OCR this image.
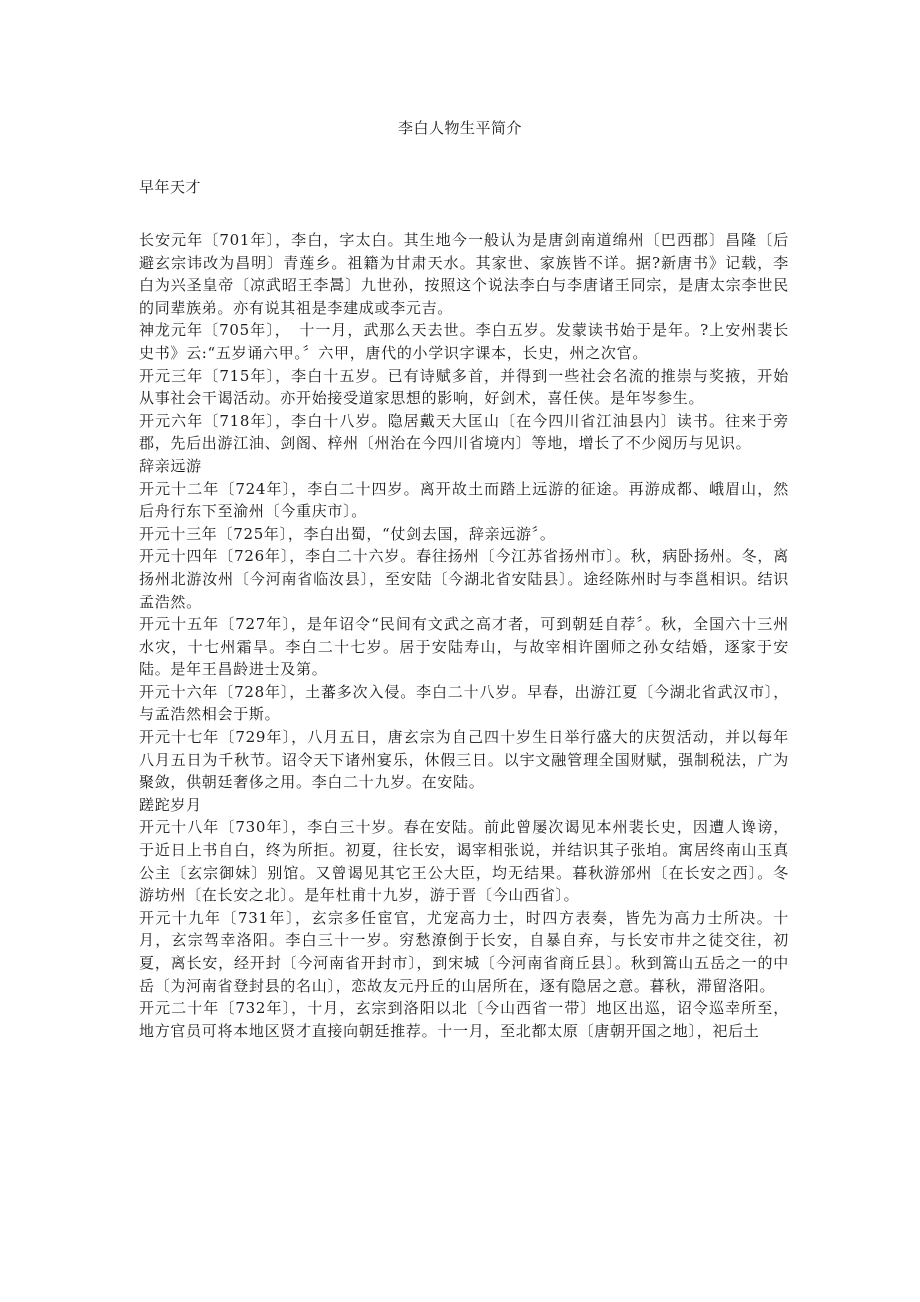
李白人物生平简介
早年天才

长安元年〔701年〕，李白，字太白。其生地今一般认为是唐剑南道绵州〔巴西郡〕昌隆〔后避玄宗讳改为昌明〕青莲乡。祖籍为甘肃天水。其家世、家族皆不详。据?新唐书》记载，李白为兴圣皇帝〔凉武昭王李暠〕九世孙，按照这个说法李白与李唐诸王同宗，是唐太宗李世民的同辈族弟。亦有说其祖是李建成或李元吉。

神龙元年〔705年〕，　十一月，武那么天去世。李白五岁。发蒙读书始于是年。?上安州裴长史书》云:“五岁诵六甲。〞六甲，唐代的小学识字课本，长史，州之次官。

开元三年〔715年〕，李白十五岁。已有诗赋多首，并得到一些社会名流的推崇与奖掖，开始从事社会干谒活动。亦开始接受道家思想的影响，好剑术，喜任侠。是年岑参生。

开元六年〔718年〕，李白十八岁。隐居戴天大匡山〔在今四川省江油县内〕读书。往来于旁郡，先后出游江油、剑阁、梓州〔州治在今四川省境内〕等地，增长了不少阅历与见识。

辞亲远游

开元十二年〔724年〕，李白二十四岁。离开故土而踏上远游的征途。再游成都、峨眉山，然后舟行东下至渝州〔今重庆市〕。

开元十三年〔725年〕，李白出蜀，“仗剑去国，辞亲远游〞。

开元十四年〔726年〕，李白二十六岁。春往扬州〔今江苏省扬州市〕。秋，病卧扬州。冬，离扬州北游汝州〔今河南省临汝县〕，至安陆〔今湖北省安陆县〕。途经陈州时与李邕相识。结识孟浩然。

开元十五年〔727年〕，是年诏令“民间有文武之高才者，可到朝廷自荐〞。秋，全国六十三州水灾，十七州霜旱。李白二十七岁。居于安陆寿山，与故宰相许圉师之孙女结婚，逐家于安陆。是年王昌龄进士及第。

开元十六年〔728年〕，土蕃多次入侵。李白二十八岁。早春，出游江夏〔今湖北省武汉市〕，与孟浩然相会于斯。

开元十七年〔729年〕，八月五日，唐玄宗为自己四十岁生日举行盛大的庆贺活动，并以每年八月五日为千秋节。诏令天下诸州宴乐，休假三日。以宇文融管理全国财赋，强制税法，广为聚敛，供朝廷奢侈之用。李白二十九岁。在安陆。

蹉跎岁月

开元十八年〔730年〕，李白三十岁。春在安陆。前此曾屡次谒见本州裴长史，因遭人谗谤，于近日上书自白，终为所拒。初夏，往长安，谒宰相张说，并结识其子张垍。寓居终南山玉真公主〔玄宗御妹〕别馆。又曾谒见其它王公大臣，均无结果。暮秋游邠州〔在长安之西〕。冬游坊州〔在长安之北〕。是年杜甫十九岁，游于晋〔今山西省〕。

开元十九年〔731年〕，玄宗多任宦官，尤宠高力士，时四方表奏，皆先为高力士所决。十月，玄宗驾幸洛阳。李白三十一岁。穷愁潦倒于长安，自暴自弃，与长安市井之徒交往，初夏，离长安，经开封〔今河南省开封市〕，到宋城〔今河南省商丘县〕。秋到篙山五岳之一的中岳〔为河南省登封县的名山〕，恋故友元丹丘的山居所在，逐有隐居之意。暮秋，滞留洛阳。

开元二十年〔732年〕，十月，玄宗到洛阳以北〔今山西省一带〕地区出巡，诏令巡幸所至，地方官员可将本地区贤才直接向朝廷推荐。十一月，至北都太原〔唐朝开国之地〕，祀后土
